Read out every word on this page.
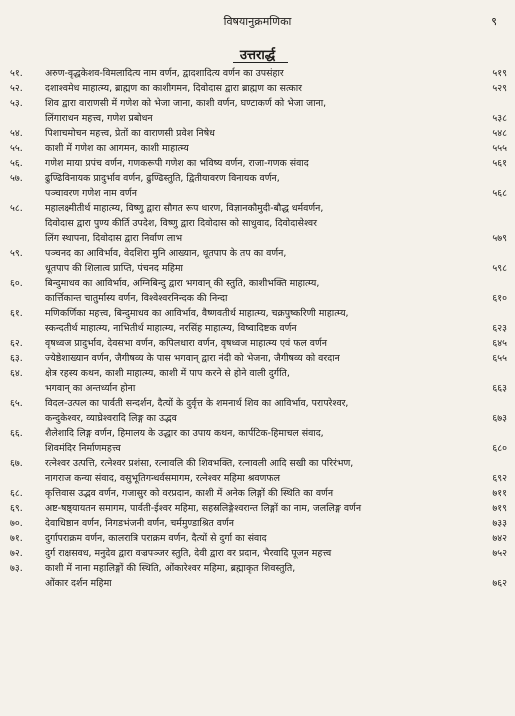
विषयानुक्रमणिका	९
उत्तरार्द्ध
५१.	अरुण-वृद्धकेशव-विमलादित्य नाम वर्णन, द्वादशादित्य वर्णन का उपसंहार	५१९
५२.	दशाश्वमेध माहात्म्य, ब्राह्मण का काशीगमन, दिवोदास द्वारा ब्राह्मण का सत्कार	५२९
५३.	शिव द्वारा वाराणसी में गणेश को भेजा जाना, काशी वर्णन, घण्टाकर्ण को भेजा जाना,
लिंगाराधन महत्त्व, गणेश प्रबोधन	५३८
५४.	पिशाचमोचन महत्त्व, प्रेतों का वाराणसी प्रवेश निषेध	५४८
५५.	काशी में गणेश का आगमन, काशी माहात्म्य	५५५
५६.	गणेश माया प्रपंच वर्णन, गणकरूपी गणेश का भविष्य वर्णन, राजा-गणक संवाद	५६१
५७.	ढुण्ढिविनायक प्रादुर्भाव वर्णन, ढुण्ढिस्तुति, द्वितीयावरण विनायक वर्णन,
पञ्चावरण गणेश नाम वर्णन	५६८
५८.	महालक्ष्मीतीर्थ माहात्म्य, विष्णु द्वारा सौगत रूप धारण, विज्ञानकौमुदी-बौद्ध धर्मवर्णन,
दिवोदास द्वारा पुण्य कीर्ति उपदेश, विष्णु द्वारा दिवोदास को साधुवाद, दिवोदासेश्वर
लिंग स्थापना, दिवोदास द्वारा निर्वाण लाभ	५७९
५९.	पञ्चनद का आविर्भाव, वेदशिरा मुनि आख्यान, धूतपाप के तप का वर्णन,
धूतपाप की शिलात्व प्राप्ति, पंचनद महिमा	५९८
६०.	बिन्दुमाधव का आविर्भाव, अग्निबिन्दु द्वारा भगवान् की स्तुति, काशीभक्ति माहात्म्य,
कार्त्तिकान्त चातुर्मास्य वर्णन, विश्वेश्वरनिन्दक की निन्दा	६१०
६१.	मणिकर्णिका महत्त्व, बिन्दुमाधव का आविर्भाव, वैष्णवतीर्थ माहात्म्य, चक्रपुष्करिणी माहात्म्य,
स्कन्दतीर्थ माहात्म्य, नाभितीर्थ माहात्म्य, नरसिंह माहात्म्य, विष्वादिष्टक वर्णन	६२३
६२.	वृषध्वज प्रादुर्भाव, देवसभा वर्णन, कपिलधारा वर्णन, वृषध्वज माहात्म्य एवं फल वर्णन	६४५
६३.	ज्येष्ठेशाख्यान वर्णन, जैगीषव्य के पास भगवान् द्वारा नंदी को भेजना, जैगीषव्य को वरदान	६५५
६४.	क्षेत्र रहस्य कथन, काशी माहात्म्य, काशी में पाप करने से होने वाली दुर्गति,
भगवान् का अन्तर्ध्यान होना	६६३
६५.	विदल-उत्पल का पार्वती सन्दर्शन, दैत्यों के दुर्वृत्त के शमनार्थ शिव का आविर्भाव, परापरेश्वर,
कन्दुकेश्वर, व्याघ्रेश्वरादि लिङ्ग का उद्भव	६७३
६६.	शैलेशादि लिङ्ग वर्णन, हिमालय के उद्धार का उपाय कथन, कार्पटिक-हिमाचल संवाद,
शिवमंदिर निर्माणमहत्त्व	६८०
६७.	रत्नेश्वर उत्पत्ति, रत्नेश्वर प्रशंसा, रत्नावलि की शिवभक्ति, रत्नावली आदि सखी का परिरंभण,
नागराज कन्या संवाद, वसुभूतिगन्धर्वसमागम, रत्नेश्वर महिमा श्रवणफल	६९२
६८.	कृत्तिवास उद्भव वर्णन, गजासुर को वरप्रदान, काशी में अनेक लिङ्गों की स्थिति का वर्णन	७११
६९.	अष्ट-षष्ठ्यायतन समागम, पार्वती-ईश्वर महिमा, सहस्रलिङ्गेश्वरान्त लिङ्गों का नाम, जललिङ्ग वर्णन	७१९
७०.	देवाधिष्ठान वर्णन, निगडभंजनी वर्णन, चर्ममुण्डाश्रित वर्णन	७३३
७१.	दुर्गापराक्रम वर्णन, कालरात्रि पराक्रम वर्णन, दैत्यों से दुर्गा का संवाद	७४२
७२.	दुर्ग राक्षसवध, मनुदेव द्वारा वज्रपञ्जर स्तुति, देवी द्वारा वर प्रदान, भैरवादि पूजन महत्त्व	७५२
७३.	काशी में नाना महालिङ्गों की स्थिति, ओंकारेश्वर महिमा, ब्रह्माकृत शिवस्तुति,
ओंकार दर्शन महिमा	७६२
